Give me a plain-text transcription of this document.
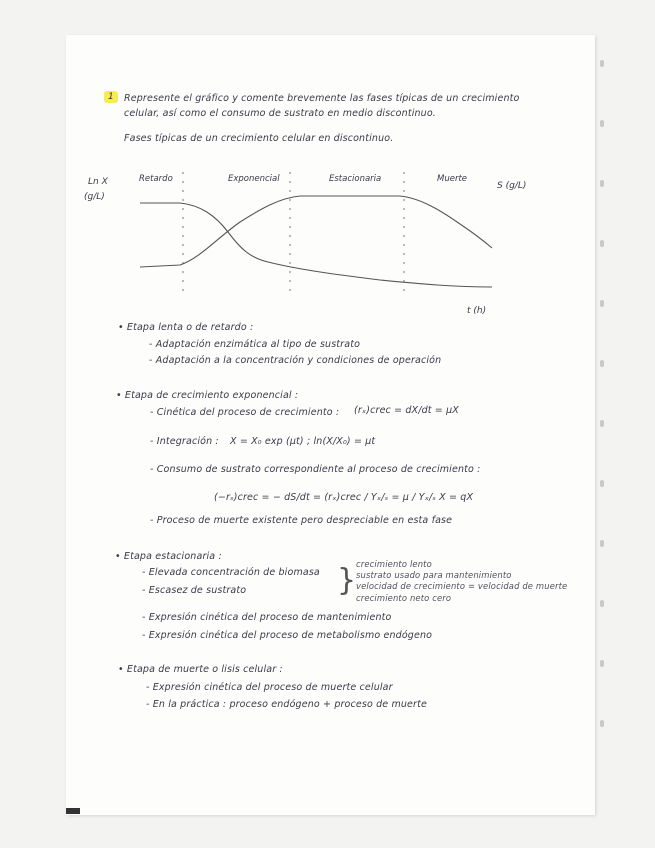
1 Represente el gráfico y comente brevemente las fases típicas de un crecimiento
celular, así como el consumo de sustrato en medio discontinuo.
Fases típicas de un crecimiento celular en discontinuo.
Ln X
(g/L)
S (g/L)
t (h)
Retardo	Exponencial	Estacionaria	Muerte
• Etapa lenta o de retardo :
- Adaptación enzimática al tipo de sustrato
- Adaptación a la concentración y condiciones de operación
• Etapa de crecimiento exponencial :
- Cinética del proceso de crecimiento : (rₓ)crec = dX/dt = μX
- Integración : X = X₀ exp (μt) ; ln(X/X₀) = μt
- Consumo de sustrato correspondiente al proceso de crecimiento :
(−rₛ)crec = − dS/dt = (rₓ)crec / Yₓ/ₛ = μ / Yₓ/ₛ X = qX
- Proceso de muerte existente pero despreciable en esta fase
• Etapa estacionaria :
- Elevada concentración de biomasa
- Escasez de sustrato	} crecimiento lento
sustrato usado para mantenimiento
velocidad de crecimiento = velocidad de muerte
crecimiento neto cero
- Expresión cinética del proceso de mantenimiento
- Expresión cinética del proceso de metabolismo endógeno
• Etapa de muerte o lisis celular :
- Expresión cinética del proceso de muerte celular
- En la práctica : proceso endógeno + proceso de muerte
